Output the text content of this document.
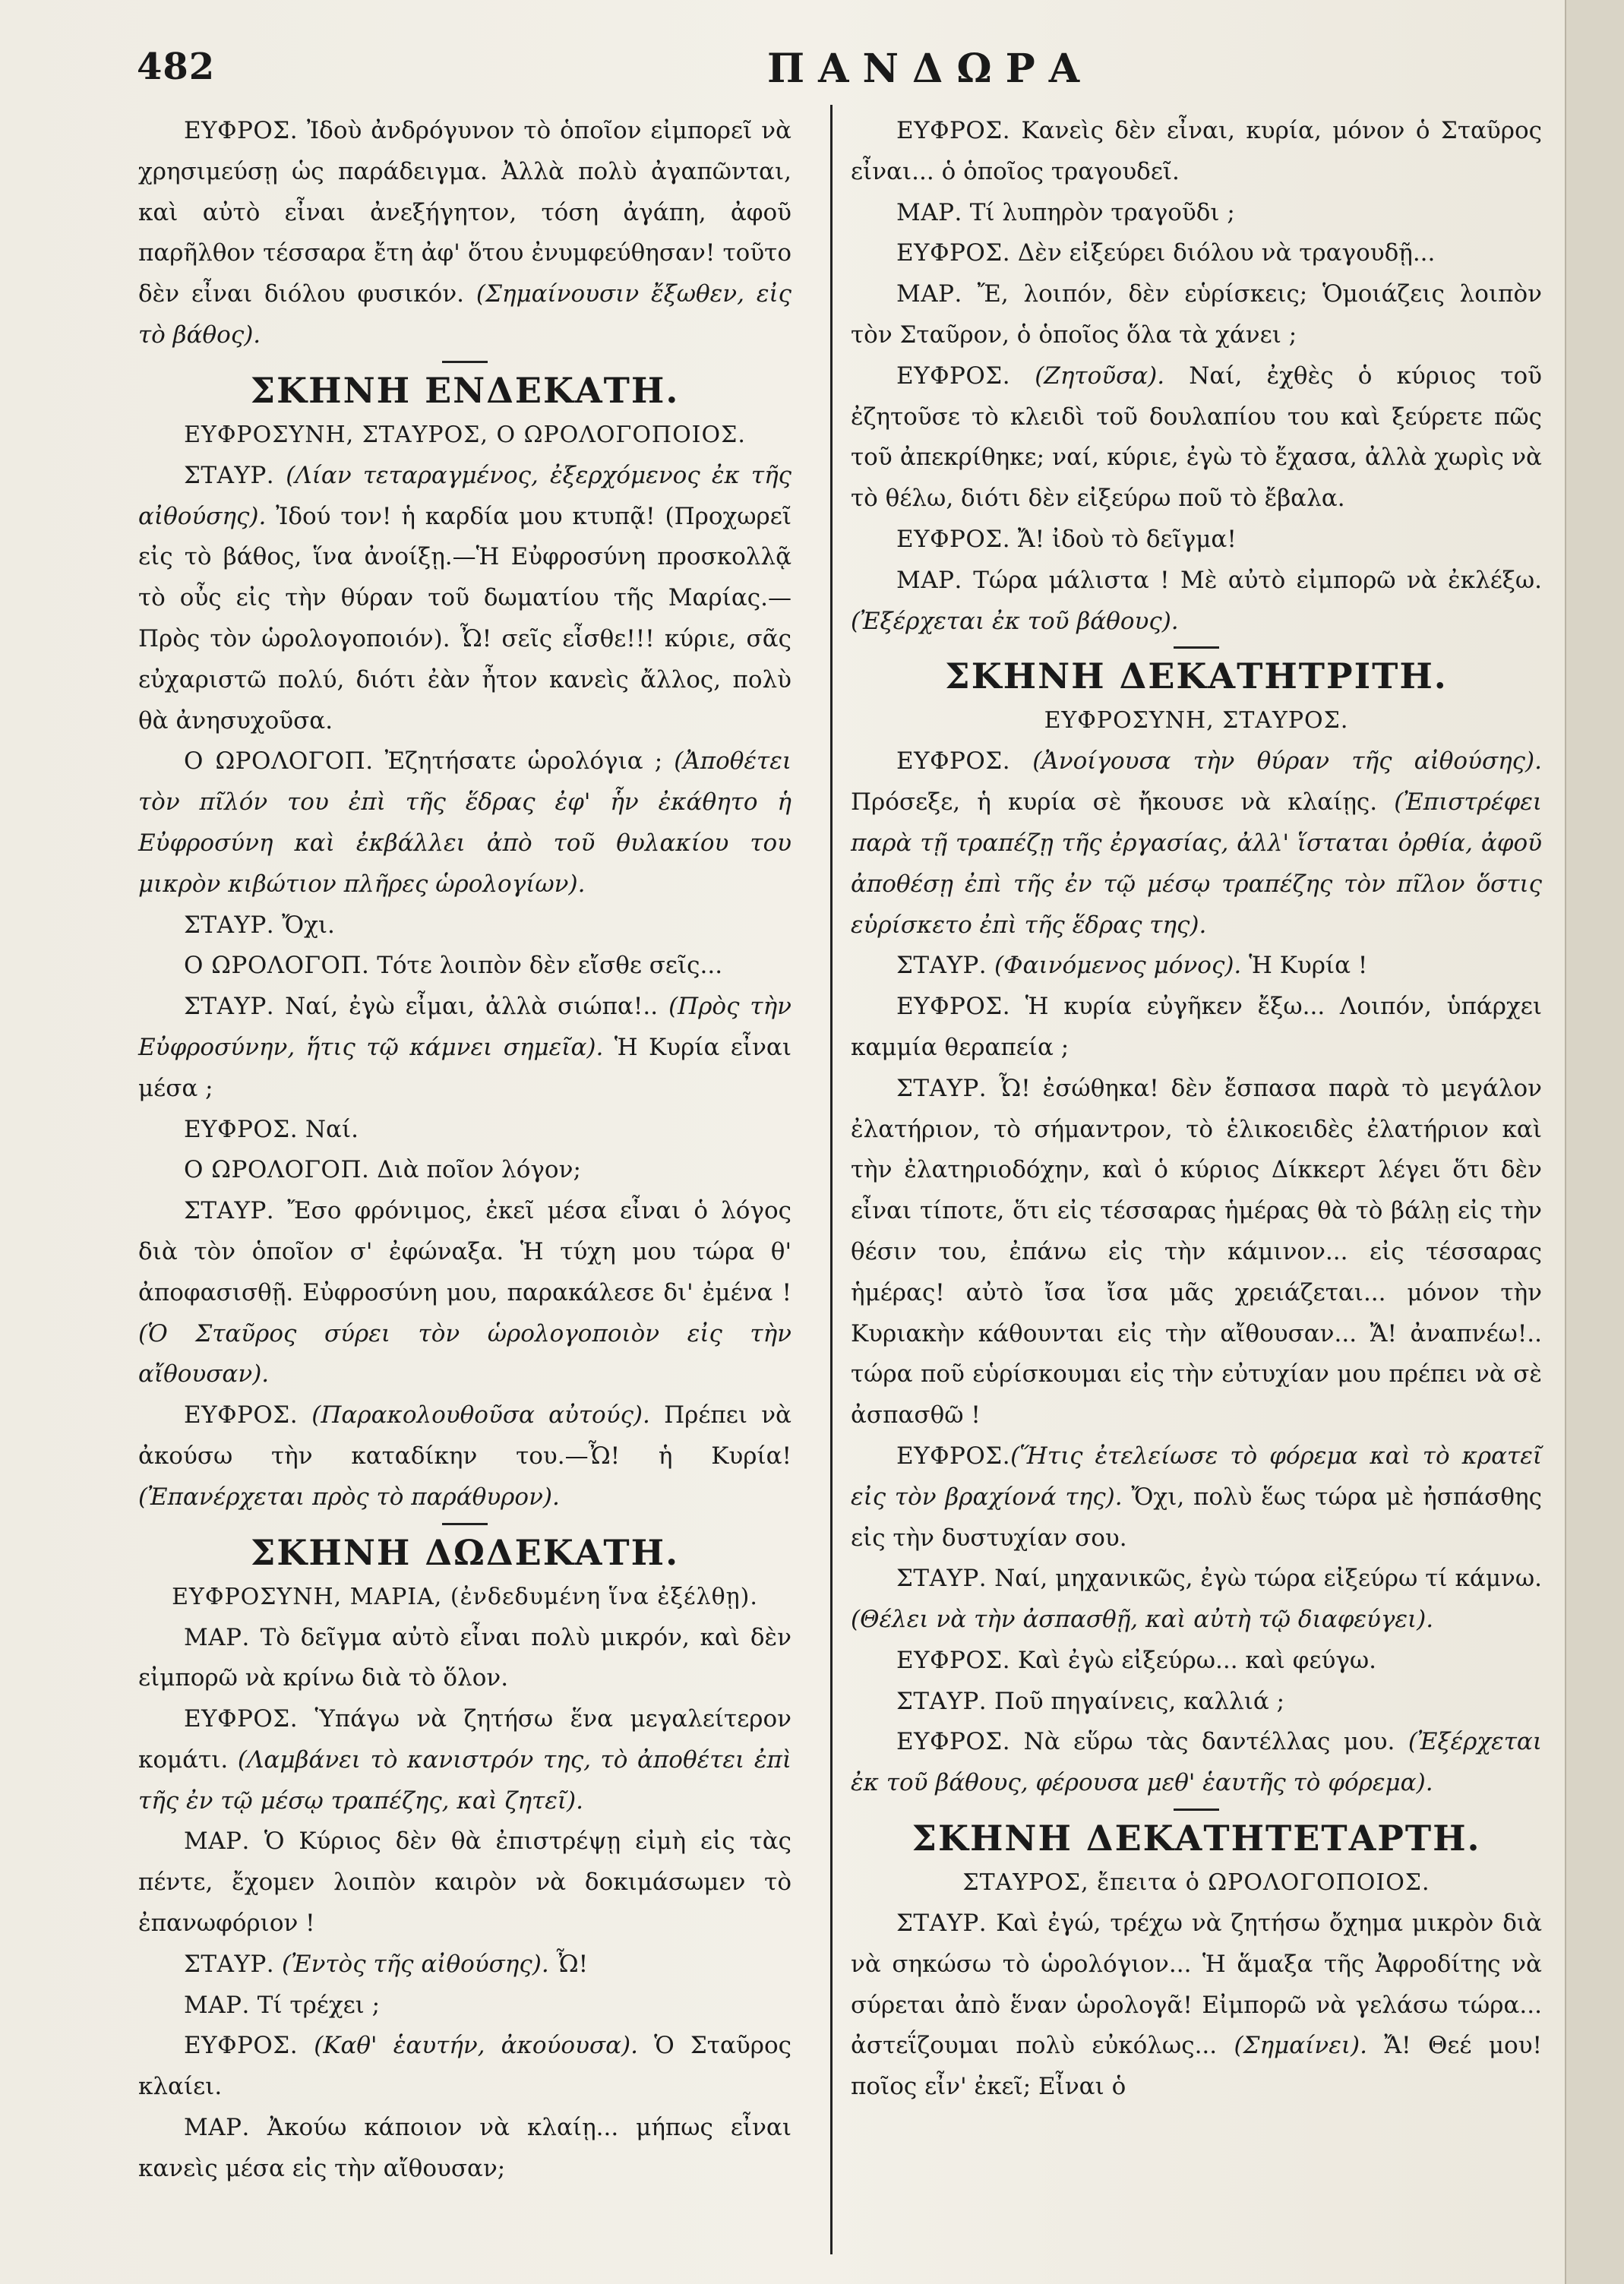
482	ΠΑΝΔΩΡΑ

ΕΥΦΡΟΣ. Ἰδοὺ ἀνδρόγυνον τὸ ὁποῖον εἰμπορεῖ νὰ χρησιμεύσῃ ὡς παράδειγμα. Ἀλλὰ πολὺ ἀγαπῶνται, καὶ αὐτὸ εἶναι ἀνεξήγητον, τόση ἀγάπη, ἀφοῦ παρῆλθον τέσσαρα ἔτη ἀφ' ὅτου ἐνυμφεύθησαν! τοῦτο δὲν εἶναι διόλου φυσικόν. (Σημαίνουσιν ἔξωθεν, εἰς τὸ βάθος).

ΣΚΗΝΗ ΕΝΔΕΚΑΤΗ.

ΕΥΦΡΟΣΥΝΗ, ΣΤΑΥΡΟΣ, Ο ΩΡΟΛΟΓΟΠΟΙΟΣ.

ΣΤΑΥΡ. (Λίαν τεταραγμένος, ἐξερχόμενος ἐκ τῆς αἰθούσης). Ἰδού τον! ἡ καρδία μου κτυπᾷ! (Προχωρεῖ εἰς τὸ βάθος, ἵνα ἀνοίξῃ.—Ἡ Εὐφροσύνη προσκολλᾷ τὸ οὖς εἰς τὴν θύραν τοῦ δωματίου τῆς Μαρίας.—Πρὸς τὸν ὡρολογοποιόν). Ὦ! σεῖς εἶσθε!!! κύριε, σᾶς εὐχαριστῶ πολύ, διότι ἐὰν ἦτον κανεὶς ἄλλος, πολὺ θὰ ἀνησυχοῦσα.

Ο ΩΡΟΛΟΓΟΠ. Ἐζητήσατε ὡρολόγια ; (Ἀποθέτει τὸν πῖλόν του ἐπὶ τῆς ἕδρας ἐφ' ἧν ἐκάθητο ἡ Εὐφροσύνη καὶ ἐκβάλλει ἀπὸ τοῦ θυλακίου του μικρὸν κιβώτιον πλῆρες ὡρολογίων).

ΣΤΑΥΡ. Ὄχι.

Ο ΩΡΟΛΟΓΟΠ. Τότε λοιπὸν δὲν εἴσθε σεῖς...

ΣΤΑΥΡ. Ναί, ἐγὼ εἶμαι, ἀλλὰ σιώπα!.. (Πρὸς τὴν Εὐφροσύνην, ἥτις τῷ κάμνει σημεῖα). Ἡ Κυρία εἶναι μέσα ;

ΕΥΦΡΟΣ. Ναί.

Ο ΩΡΟΛΟΓΟΠ. Διὰ ποῖον λόγον;

ΣΤΑΥΡ. Ἔσο φρόνιμος, ἐκεῖ μέσα εἶναι ὁ λόγος διὰ τὸν ὁποῖον σ' ἐφώναξα. Ἡ τύχη μου τώρα θ' ἀποφασισθῇ. Εὐφροσύνη μου, παρακάλεσε δι' ἐμένα ! (Ὁ Σταῦρος σύρει τὸν ὡρολογοποιὸν εἰς τὴν αἴθουσαν).

ΕΥΦΡΟΣ. (Παρακολουθοῦσα αὐτούς). Πρέπει νὰ ἀκούσω τὴν καταδίκην του.—Ὦ! ἡ Κυρία! (Ἐπανέρχεται πρὸς τὸ παράθυρον).

ΣΚΗΝΗ ΔΩΔΕΚΑΤΗ.

ΕΥΦΡΟΣΥΝΗ, ΜΑΡΙΑ, (ἐνδεδυμένη ἵνα ἐξέλθῃ).

ΜΑΡ. Τὸ δεῖγμα αὐτὸ εἶναι πολὺ μικρόν, καὶ δὲν εἰμπορῶ νὰ κρίνω διὰ τὸ ὅλον.

ΕΥΦΡΟΣ. Ὑπάγω νὰ ζητήσω ἕνα μεγαλείτερον κομάτι. (Λαμβάνει τὸ κανιστρόν της, τὸ ἀποθέτει ἐπὶ τῆς ἐν τῷ μέσῳ τραπέζης, καὶ ζητεῖ).

ΜΑΡ. Ὁ Κύριος δὲν θὰ ἐπιστρέψῃ εἰμὴ εἰς τὰς πέντε, ἔχομεν λοιπὸν καιρὸν νὰ δοκιμάσωμεν τὸ ἐπανωφόριον !

ΣΤΑΥΡ. (Ἐντὸς τῆς αἰθούσης). Ὦ!

ΜΑΡ. Τί τρέχει ;

ΕΥΦΡΟΣ. (Καθ' ἑαυτήν, ἀκούουσα). Ὁ Σταῦρος κλαίει.

ΜΑΡ. Ἀκούω κάποιον νὰ κλαίῃ... μήπως εἶναι κανεὶς μέσα εἰς τὴν αἴθουσαν;

ΕΥΦΡΟΣ. Κανεὶς δὲν εἶναι, κυρία, μόνον ὁ Σταῦρος εἶναι... ὁ ὁποῖος τραγουδεῖ.

ΜΑΡ. Τί λυπηρὸν τραγοῦδι ;

ΕΥΦΡΟΣ. Δὲν εἰξεύρει διόλου νὰ τραγουδῇ...

ΜΑΡ. Ἔ, λοιπόν, δὲν εὑρίσκεις; Ὁμοιάζεις λοιπὸν τὸν Σταῦρον, ὁ ὁποῖος ὅλα τὰ χάνει ;

ΕΥΦΡΟΣ. (Ζητοῦσα). Ναί, ἐχθὲς ὁ κύριος τοῦ ἐζητοῦσε τὸ κλειδὶ τοῦ δουλαπίου του καὶ ξεύρετε πῶς τοῦ ἀπεκρίθηκε; ναί, κύριε, ἐγὼ τὸ ἔχασα, ἀλλὰ χωρὶς νὰ τὸ θέλω, διότι δὲν εἰξεύρω ποῦ τὸ ἔβαλα.

ΕΥΦΡΟΣ. Ἄ! ἰδοὺ τὸ δεῖγμα!

ΜΑΡ. Τώρα μάλιστα ! Μὲ αὐτὸ εἰμπορῶ νὰ ἐκλέξω. (Ἐξέρχεται ἐκ τοῦ βάθους).

ΣΚΗΝΗ ΔΕΚΑΤΗΤΡΙΤΗ.

ΕΥΦΡΟΣΥΝΗ, ΣΤΑΥΡΟΣ.

ΕΥΦΡΟΣ. (Ἀνοίγουσα τὴν θύραν τῆς αἰθούσης). Πρόσεξε, ἡ κυρία σὲ ἤκουσε νὰ κλαίῃς. (Ἐπιστρέφει παρὰ τῇ τραπέζῃ τῆς ἐργασίας, ἀλλ' ἵσταται ὀρθία, ἀφοῦ ἀποθέσῃ ἐπὶ τῆς ἐν τῷ μέσῳ τραπέζης τὸν πῖλον ὅστις εὑρίσκετο ἐπὶ τῆς ἕδρας της).

ΣΤΑΥΡ. (Φαινόμενος μόνος). Ἡ Κυρία !

ΕΥΦΡΟΣ. Ἡ κυρία εὐγῆκεν ἔξω... Λοιπόν, ὑπάρχει καμμία θεραπεία ;

ΣΤΑΥΡ. Ὦ! ἐσώθηκα! δὲν ἔσπασα παρὰ τὸ μεγάλον ἐλατήριον, τὸ σήμαντρον, τὸ ἑλικοειδὲς ἐλατήριον καὶ τὴν ἐλατηριοδόχην, καὶ ὁ κύριος Δίκκερτ λέγει ὅτι δὲν εἶναι τίποτε, ὅτι εἰς τέσσαρας ἡμέρας θὰ τὸ βάλῃ εἰς τὴν θέσιν του, ἐπάνω εἰς τὴν κάμινον... εἰς τέσσαρας ἡμέρας! αὐτὸ ἴσα ἴσα μᾶς χρειάζεται... μόνον τὴν Κυριακὴν κάθουνται εἰς τὴν αἴθουσαν... Ἄ! ἀναπνέω!.. τώρα ποῦ εὑρίσκουμαι εἰς τὴν εὐτυχίαν μου πρέπει νὰ σὲ ἀσπασθῶ !

ΕΥΦΡΟΣ.(Ἥτις ἐτελείωσε τὸ φόρεμα καὶ τὸ κρατεῖ εἰς τὸν βραχίονά της). Ὄχι, πολὺ ἕως τώρα μὲ ἠσπάσθης εἰς τὴν δυστυχίαν σου.

ΣΤΑΥΡ. Ναί, μηχανικῶς, ἐγὼ τώρα εἰξεύρω τί κάμνω. (Θέλει νὰ τὴν ἀσπασθῇ, καὶ αὐτὴ τῷ διαφεύγει).

ΕΥΦΡΟΣ. Καὶ ἐγὼ εἰξεύρω... καὶ φεύγω.

ΣΤΑΥΡ. Ποῦ πηγαίνεις, καλλιά ;

ΕΥΦΡΟΣ. Νὰ εὕρω τὰς δαντέλλας μου. (Ἐξέρχεται ἐκ τοῦ βάθους, φέρουσα μεθ' ἑαυτῆς τὸ φόρεμα).

ΣΚΗΝΗ ΔΕΚΑΤΗΤΕΤΑΡΤΗ.

ΣΤΑΥΡΟΣ, ἔπειτα ὁ ΩΡΟΛΟΓΟΠΟΙΟΣ.

ΣΤΑΥΡ. Καὶ ἐγώ, τρέχω νὰ ζητήσω ὄχημα μικρὸν διὰ νὰ σηκώσω τὸ ὡρολόγιον... Ἡ ἅμαξα τῆς Ἀφροδίτης νὰ σύρεται ἀπὸ ἕναν ὡρολογᾶ! Εἰμπορῶ νὰ γελάσω τώρα... ἀστεΐζουμαι πολὺ εὐκόλως... (Σημαίνει). Ἄ! Θεέ μου! ποῖος εἶν' ἐκεῖ; Εἶναι ὁ
